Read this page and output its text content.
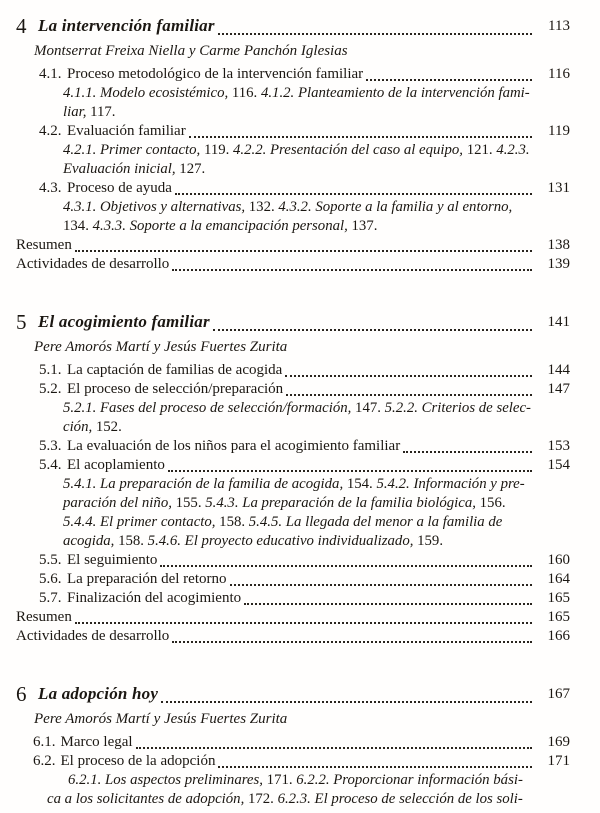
4 La intervención familiar	113
Montserrat Freixa Niella y Carme Panchón Iglesias
4.1. Proceso metodológico de la intervención familiar	116
4.1.1. Modelo ecosistémico, 116. 4.1.2. Planteamiento de la intervención fami-
liar, 117.
4.2. Evaluación familiar	119
4.2.1. Primer contacto, 119. 4.2.2. Presentación del caso al equipo, 121. 4.2.3.
Evaluación inicial, 127.
4.3. Proceso de ayuda	131
4.3.1. Objetivos y alternativas, 132. 4.3.2. Soporte a la familia y al entorno,
134. 4.3.3. Soporte a la emancipación personal, 137.
Resumen	138
Actividades de desarrollo	139
5 El acogimiento familiar	141
Pere Amorós Martí y Jesús Fuertes Zurita
5.1. La captación de familias de acogida	144
5.2. El proceso de selección/preparación	147
5.2.1. Fases del proceso de selección/formación, 147. 5.2.2. Criterios de selec-
ción, 152.
5.3. La evaluación de los niños para el acogimiento familiar	153
5.4. El acoplamiento	154
5.4.1. La preparación de la familia de acogida, 154. 5.4.2. Información y pre-
paración del niño, 155. 5.4.3. La preparación de la familia biológica, 156.
5.4.4. El primer contacto, 158. 5.4.5. La llegada del menor a la familia de
acogida, 158. 5.4.6. El proyecto educativo individualizado, 159.
5.5. El seguimiento	160
5.6. La preparación del retorno	164
5.7. Finalización del acogimiento	165
Resumen	165
Actividades de desarrollo	166
6 La adopción hoy	167
Pere Amorós Martí y Jesús Fuertes Zurita
6.1. Marco legal	169
6.2. El proceso de la adopción	171
6.2.1. Los aspectos preliminares, 171. 6.2.2. Proporcionar información bási-
ca a los solicitantes de adopción, 172. 6.2.3. El proceso de selección de los soli-
